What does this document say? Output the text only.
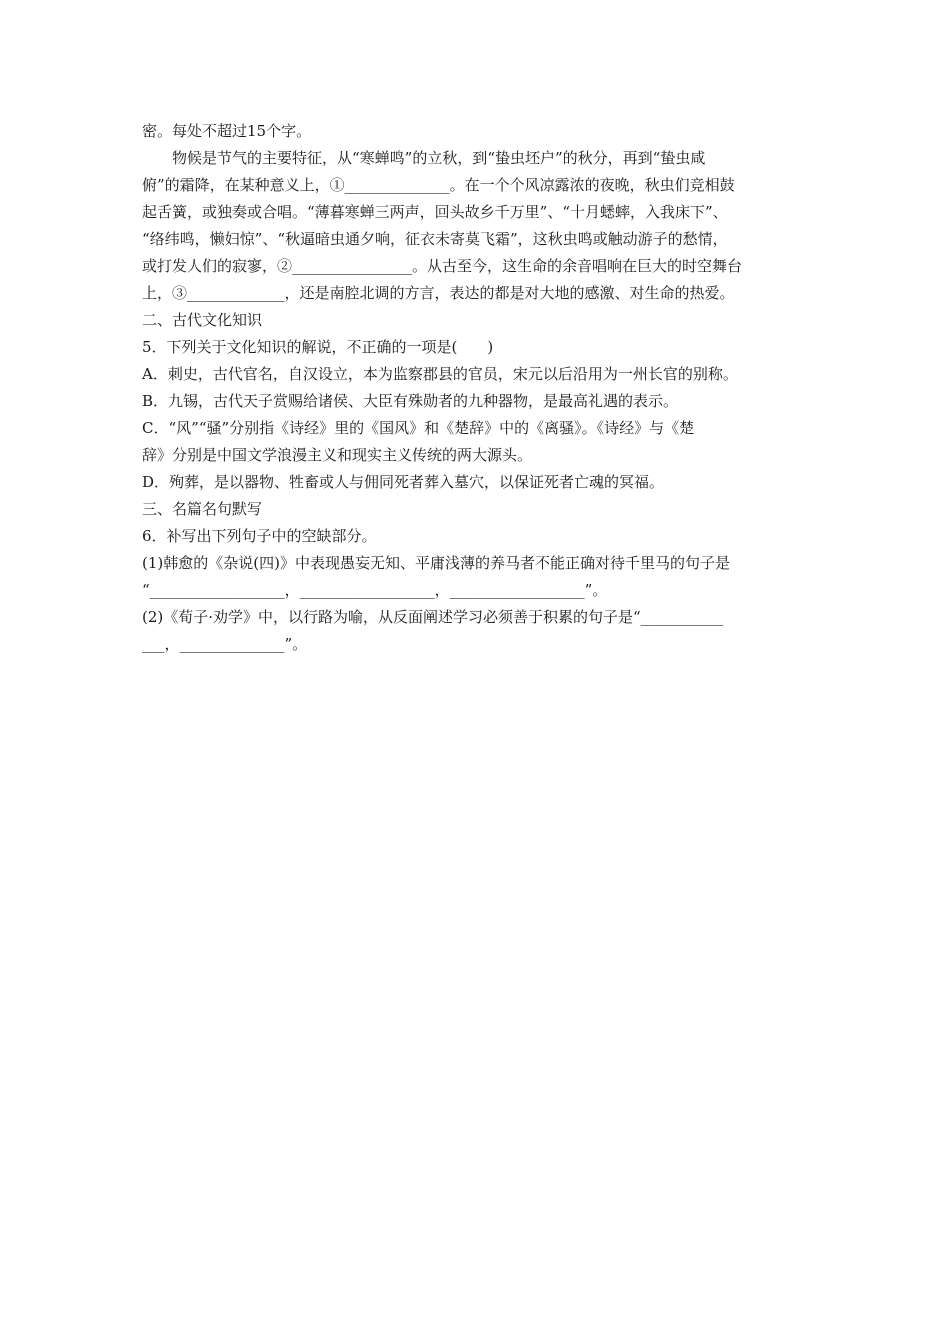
密。每处不超过15个字。
物候是节气的主要特征，从“寒蝉鸣”的立秋，到“蛰虫坯户”的秋分，再到“蛰虫咸
俯”的霜降，在某种意义上，①______________。在一个个风凉露浓的夜晚，秋虫们竞相鼓
起舌簧，或独奏或合唱。“薄暮寒蝉三两声，回头故乡千万里”、“十月蟋蟀，入我床下”、
“络纬鸣，懒妇惊”、“秋逼暗虫通夕响，征衣未寄莫飞霜”，这秋虫鸣或触动游子的愁情，
或打发人们的寂寥，②________________。从古至今，这生命的余音唱响在巨大的时空舞台
上，③_____________，还是南腔北调的方言，表达的都是对大地的感激、对生命的热爱。
二、古代文化知识
5．下列关于文化知识的解说，不正确的一项是(　　)
A．刺史，古代官名，自汉设立，本为监察郡县的官员，宋元以后沿用为一州长官的别称。
B．九锡，古代天子赏赐给诸侯、大臣有殊勋者的九种器物，是最高礼遇的表示。
C．“风”“骚”分别指《诗经》里的《国风》和《楚辞》中的《离骚》。《诗经》与《楚
辞》分别是中国文学浪漫主义和现实主义传统的两大源头。
D．殉葬，是以器物、牲畜或人与佣同死者葬入墓穴，以保证死者亡魂的冥福。
三、名篇名句默写
6．补写出下列句子中的空缺部分。
(1)韩愈的《杂说(四)》中表现愚妄无知、平庸浅薄的养马者不能正确对待千里马的句子是
“__________________，__________________，__________________”。
(2)《荀子·劝学》中，以行路为喻，从反面阐述学习必须善于积累的句子是“___________
___，______________”。
